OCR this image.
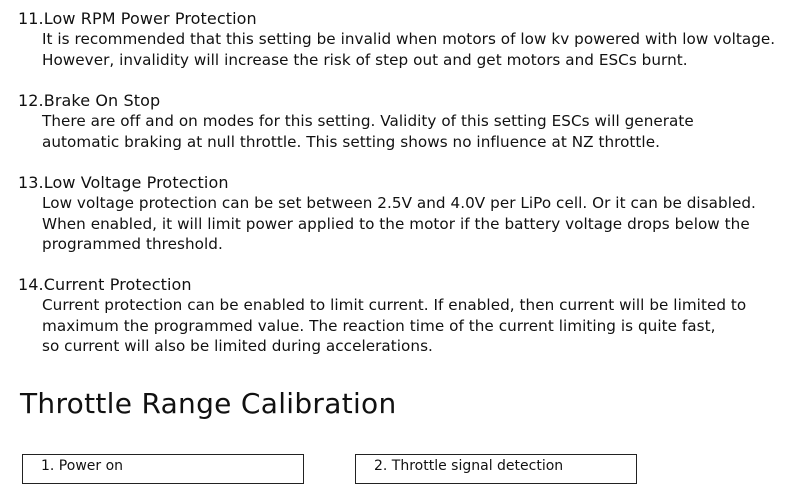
11.Low RPM Power Protection

It is recommended that this setting be invalid when motors of low kv powered with low voltage.
However, invalidity will increase the risk of step out and get motors and ESCs burnt.

12.Brake On Stop

There are off and on modes for this setting. Validity of this setting ESCs will generate
automatic braking at null throttle. This setting shows no influence at NZ throttle.

13.Low Voltage Protection

Low voltage protection can be set between 2.5V and 4.0V per LiPo cell. Or it can be disabled.
When enabled, it will limit power applied to the motor if the battery voltage drops below the
programmed threshold.

14.Current Protection

Current protection can be enabled to limit current. If enabled, then current will be limited to
maximum the programmed value. The reaction time of the current limiting is quite fast,
so current will also be limited during accelerations.

Throttle Range Calibration
1. Power on	2. Throttle signal detection
